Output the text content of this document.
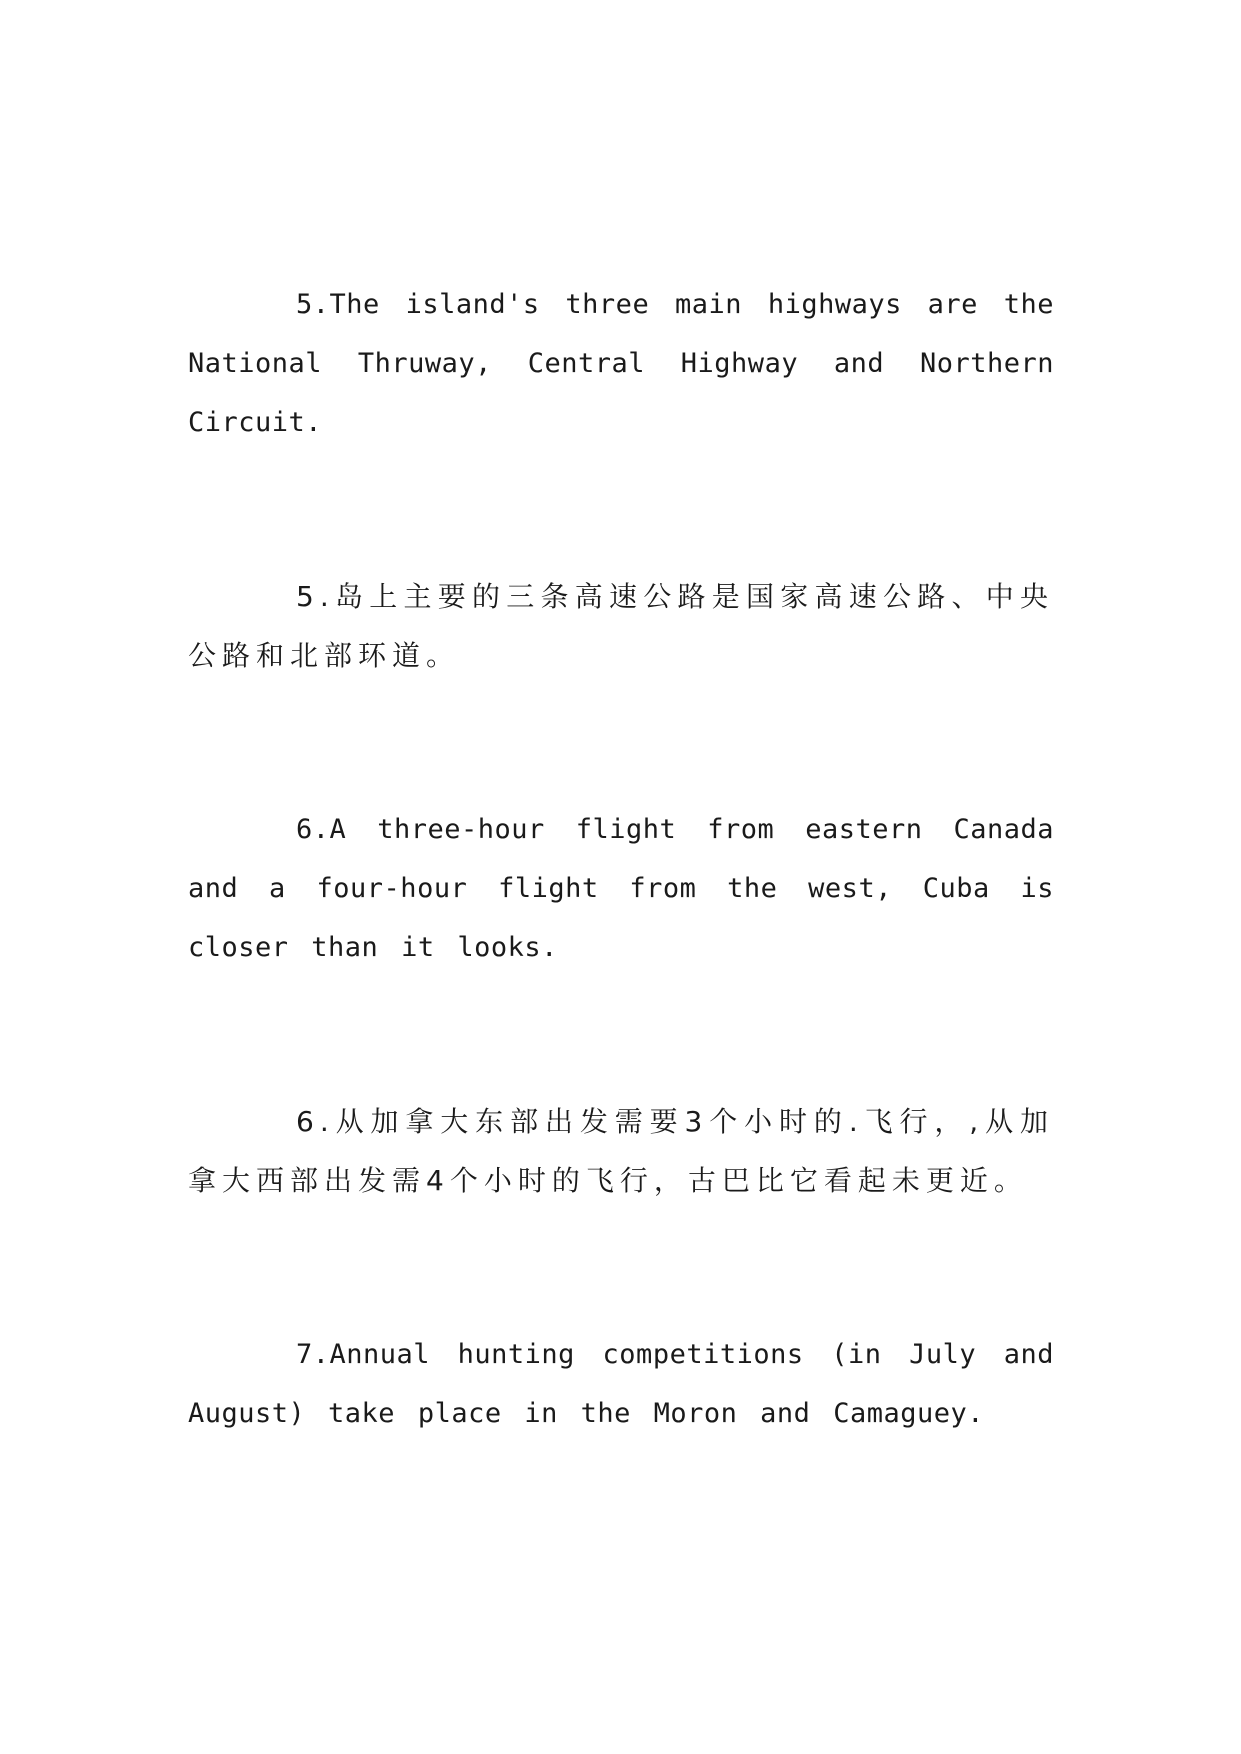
5.The island's three main highways are the National Thruway, Central Highway and Northern Circuit.

5.岛上主要的三条高速公路是国家高速公路、中央公路和北部环道。

6.A three-hour flight from eastern Canada and a four-hour flight from the west, Cuba is closer than it looks.

6.从加拿大东部出发需要3个小时的.飞行，,从加拿大西部出发需4个小时的飞行，古巴比它看起未更近。

7.Annual hunting competitions (in July and August) take place in the Moron and Camaguey.
